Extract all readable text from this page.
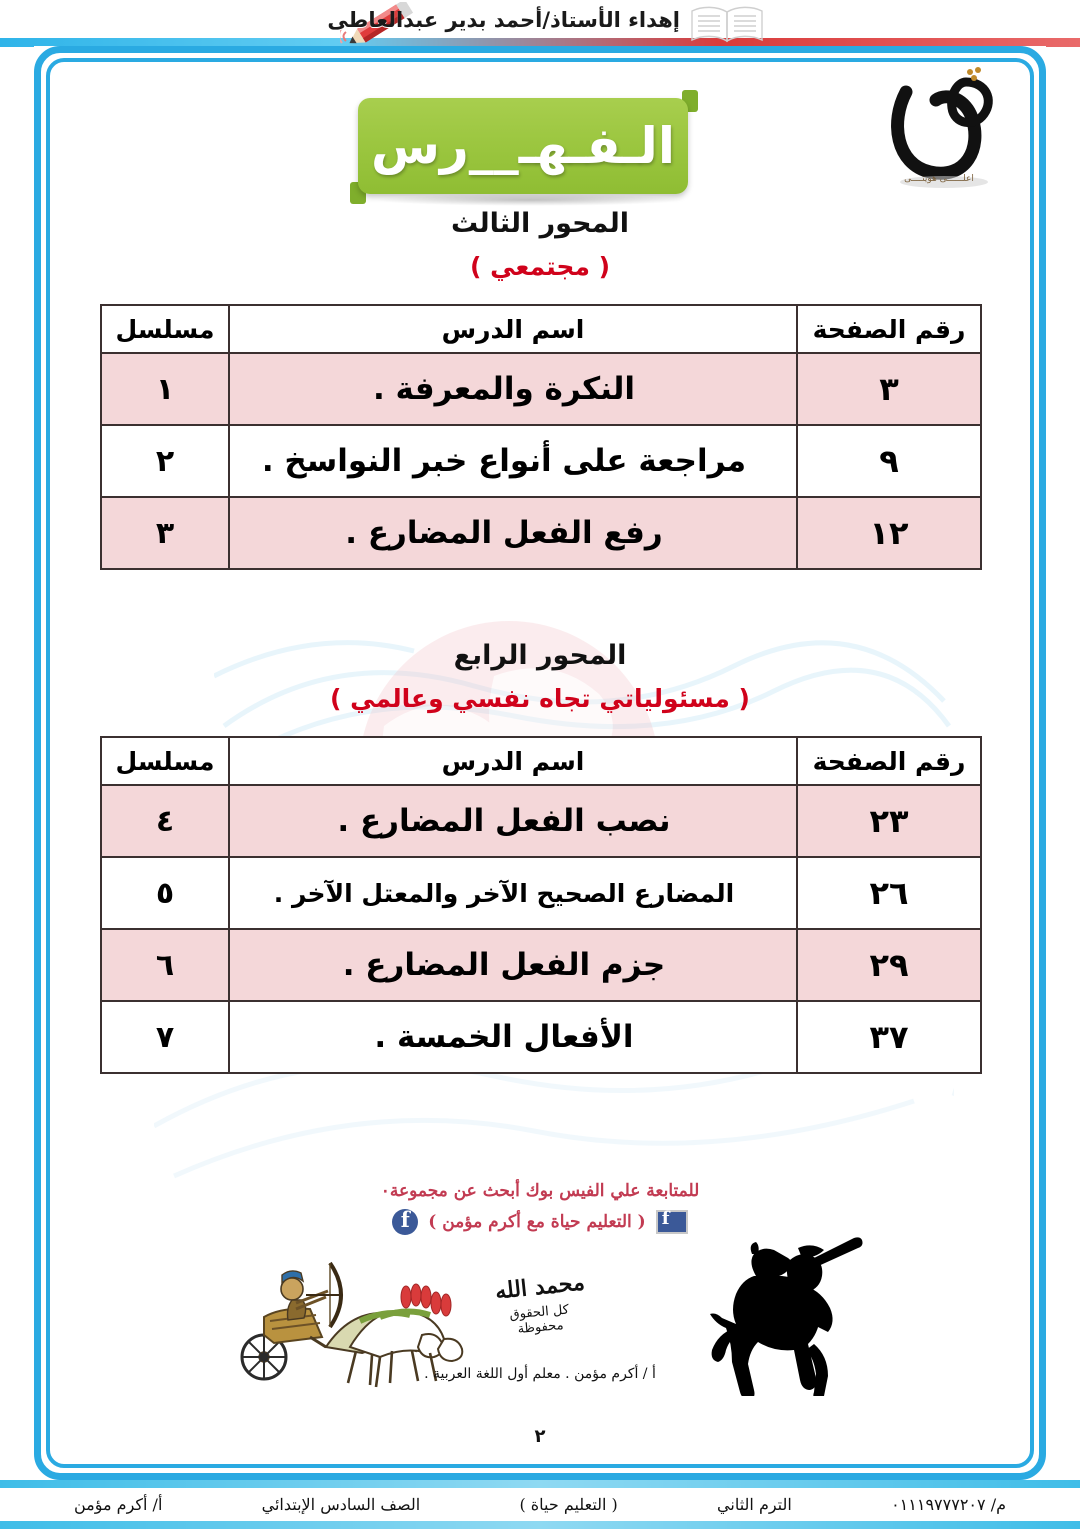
إهداء الأستاذ/أحمد بدير عبدالعاطى
اعلــــــى هويتــــى
الـفـهـ__رس
المحور الثالث
( مجتمعي )
رقم الصفحة	اسم الدرس	مسلسل
٣	النكرة والمعرفة .	١
٩	مراجعة على أنواع خبر النواسخ .	٢
١٢	رفع الفعل المضارع .	٣
المحور الرابع
( مسئولياتي تجاه نفسي وعالمي )
رقم الصفحة	اسم الدرس	مسلسل
٢٣	نصب الفعل المضارع .	٤
٢٦	المضارع الصحيح الآخر والمعتل الآخر .	٥
٢٩	جزم الفعل المضارع .	٦
٣٧	الأفعال الخمسة .	٧
للمتابعة علي الفيس بوك أبحث عن مجموعة٠
f
( التعليم حياة مع أكرم مؤمن )
f
محمد الله
كل الحقوق
محفوظة
أ / أكرم مؤمن . معلم أول اللغة العربية .
٢
م/ ٠١١١٩٧٧٧٢٠٧
الترم الثاني
( التعليم حياة )
الصف السادس الإبتدائي
أ/ أكرم مؤمن
